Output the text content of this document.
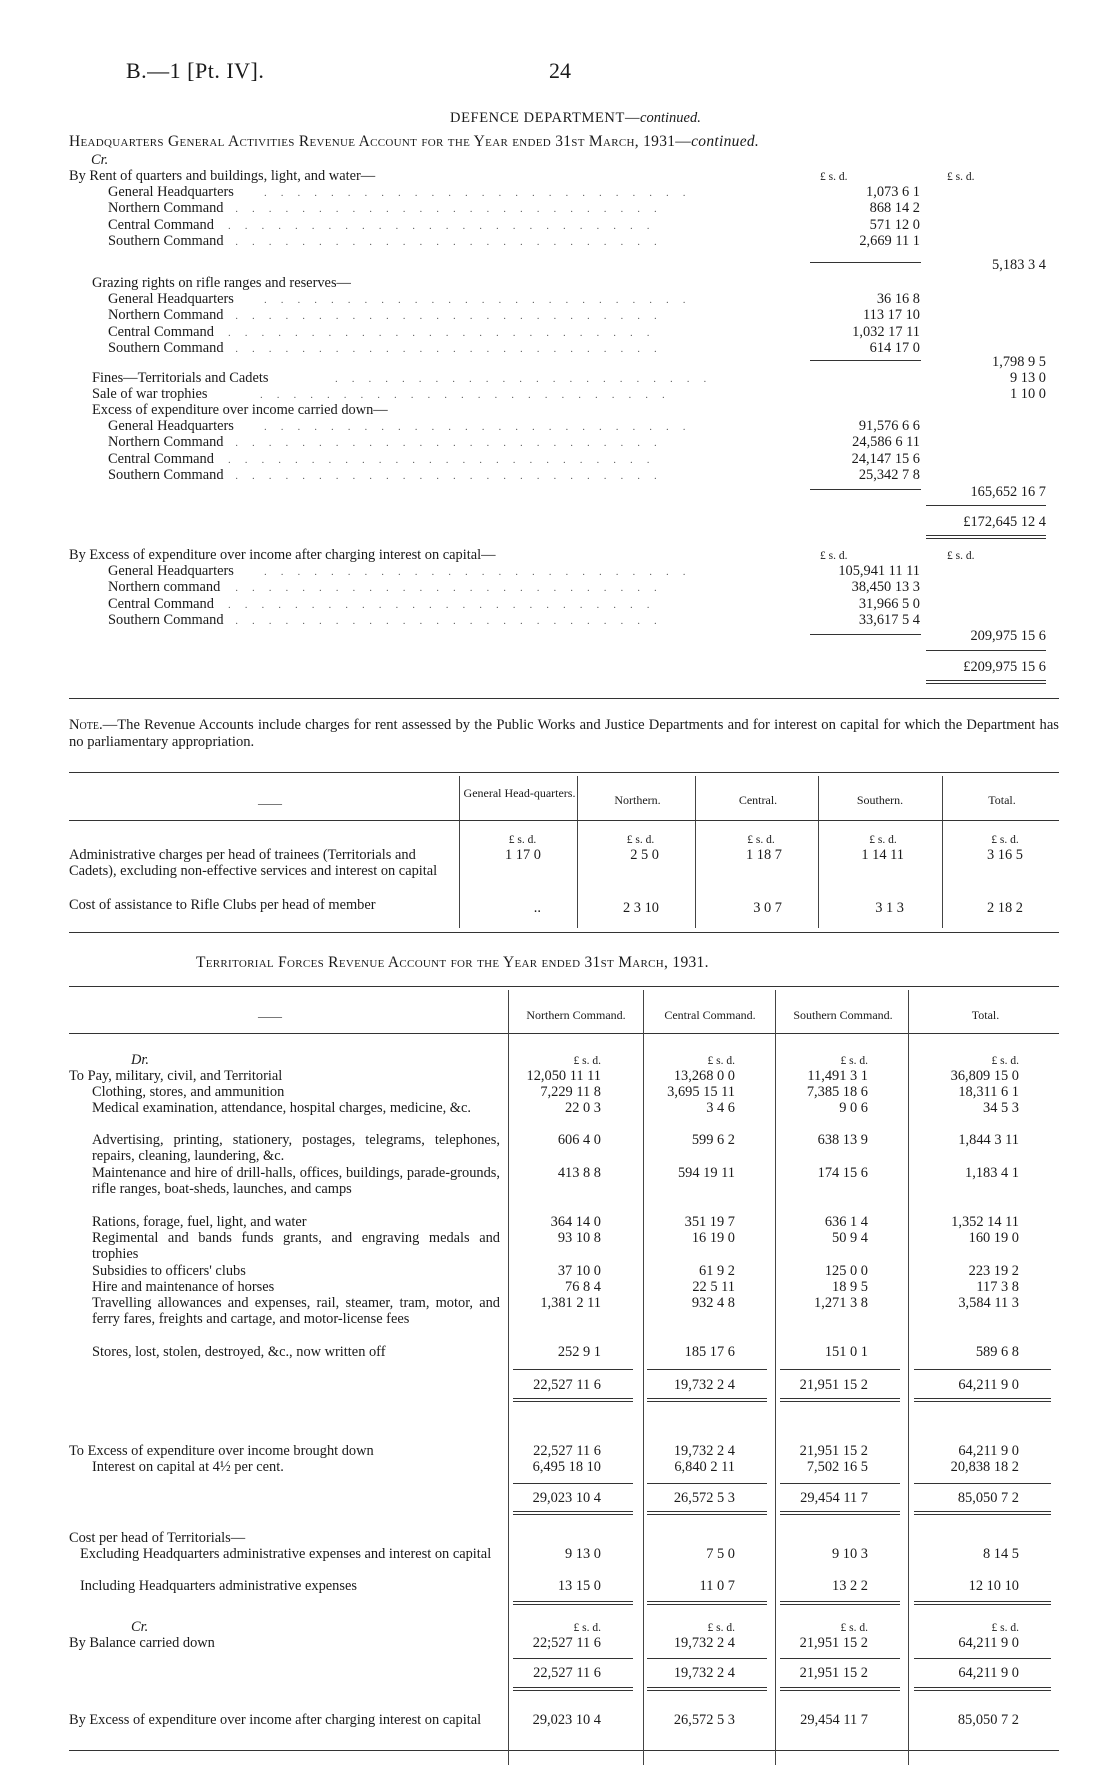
B.—1 [Pt. IV].	24
DEFENCE DEPARTMENT—continued.
Headquarters General Activities Revenue Account for the Year ended 31st March, 1931—continued.
Cr.
By Rent of quarters and buildings, light, and water—	£ s. d.	£ s. d.
General Headquarters	..........................	1,073 6 1
Northern Command ..........................	868 14 2
Central Command ..........................	571 12 0
Southern Command ..........................	2,669 11 1
5,183 3 4
Grazing rights on rifle ranges and reserves—
General Headquarters	..........................	36 16 8
Northern Command ..........................	113 17 10
Central Command ..........................	1,032 17 11
Southern Command ..........................	614 17 0
1,798 9 5
Fines—Territorials and Cadets	.......................	9 13 0
Sale of war trophies	.........................	1 10 0
Excess of expenditure over income carried down—
General Headquarters	..........................	91,576 6 6
Northern Command ..........................	24,586 6 11
Central Command ..........................	24,147 15 6
Southern Command ..........................	25,342 7 8
165,652 16 7
£172,645 12 4
By Excess of expenditure over income after charging interest on capital—	£ s. d.	£ s. d.
General Headquarters	..........................	105,941 11 11
Northern command ..........................	38,450 13 3
Central Command ..........................	31,966 5 0
Southern Command ..........................	33,617 5 4
209,975 15 6
£209,975 15 6
Note.—The Revenue Accounts include charges for rent assessed by the Public Works and Justice Departments and for interest on capital for which the Department has no parliamentary appropriation.
——
General Head-quarters.	Northern.	Central.	Southern.	Total.
£ s. d.	£ s. d.	£ s. d.	£ s. d.	£ s. d.
Administrative charges per head of trainees (Territorials and Cadets), excluding non-effective services and interest on capital
1 17 0	2 5 0	1 18 7	1 14 11	3 16 5
Cost of assistance to Rifle Clubs per head of member	..	2 3 10	3 0 7	3 1 3	2 18 2
Territorial Forces Revenue Account for the Year ended 31st March, 1931.
——	Northern Command.	Central Command.	Southern Command.	Total.
Dr.	£ s. d.	£ s. d.	£ s. d.	£ s. d.
To Pay, military, civil, and Territorial	12,050 11 11	13,268 0 0	11,491 3 1	36,809 15 0
Clothing, stores, and ammunition	7,229 11 8	3,695 15 11	7,385 18 6	18,311 6 1
Medical examination, attendance, hospital charges, medicine, &c.	22 0 3	3 4 6	9 0 6	34 5 3
Advertising, printing, stationery, postages, telegrams, telephones, repairs, cleaning, laundering, &c.
606 4 0	599 6 2	638 13 9	1,844 3 11
Maintenance and hire of drill-halls, offices, buildings, parade-grounds, rifle ranges, boat-sheds, launches, and camps
413 8 8	594 19 11	174 15 6	1,183 4 1
Rations, forage, fuel, light, and water	364 14 0	351 19 7	636 1 4	1,352 14 11
Regimental and bands funds grants, and engraving medals and trophies
93 10 8	16 19 0	50 9 4	160 19 0
Subsidies to officers' clubs	37 10 0	61 9 2	125 0 0	223 19 2
Hire and maintenance of horses	76 8 4	22 5 11	18 9 5	117 3 8
Travelling allowances and expenses, rail, steamer, tram, motor, and ferry fares, freights and cartage, and motor-license fees
1,381 2 11	932 4 8	1,271 3 8	3,584 11 3
Stores, lost, stolen, destroyed, &c., now written off	252 9 1	185 17 6	151 0 1	589 6 8
22,527 11 6	19,732 2 4	21,951 15 2	64,211 9 0
To Excess of expenditure over income brought down	22,527 11 6	19,732 2 4	21,951 15 2	64,211 9 0
Interest on capital at 4½ per cent.	6,495 18 10	6,840 2 11	7,502 16 5	20,838 18 2
29,023 10 4	26,572 5 3	29,454 11 7	85,050 7 2
Cost per head of Territorials—
Excluding Headquarters administrative expenses and interest on capital	9 13 0	7 5 0	9 10 3	8 14 5
Including Headquarters administrative expenses	13 15 0	11 0 7	13 2 2	12 10 10
Cr.	£ s. d.	£ s. d.	£ s. d.	£ s. d.
By Balance carried down	22;527 11 6	19,732 2 4	21,951 15 2	64,211 9 0
22,527 11 6	19,732 2 4	21,951 15 2	64,211 9 0
By Excess of expenditure over income after charging interest on capital	29,023 10 4	26,572 5 3	29,454 11 7	85,050 7 2
